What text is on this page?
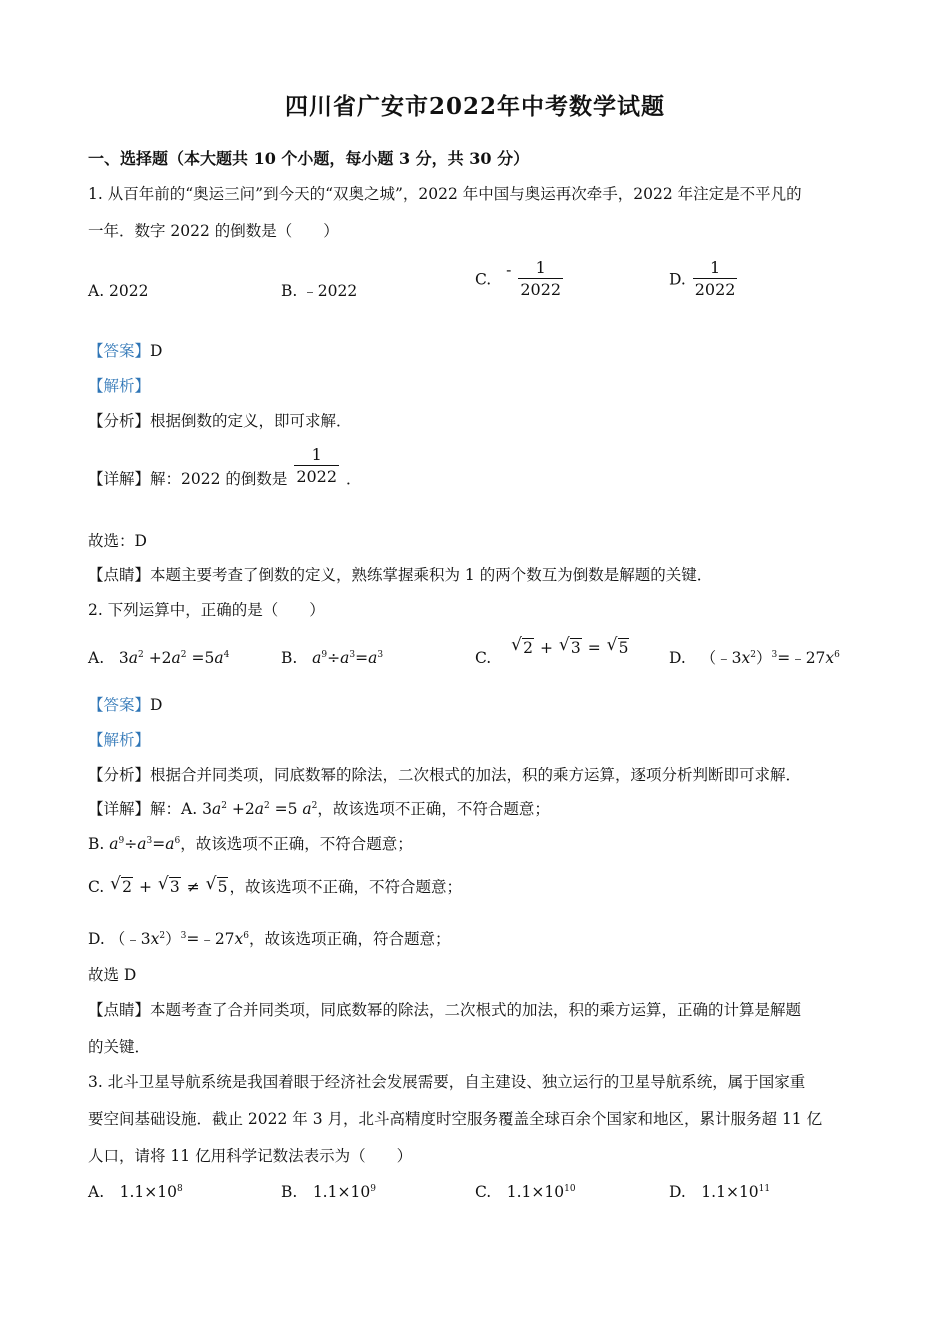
四川省广安市2022年中考数学试题
一、选择题（本大题共 10 个小题，每小题 3 分，共 30 分）
1. 从百年前的“奥运三问”到今天的“双奥之城”，2022 年中国与奥运再次牵手，2022 年注定是不平凡的
一年．数字 2022 的倒数是（　　）
A. 2022	B. ﹣2022
C. - $\frac{1}{2022}$	D. $\frac{1}{2022}$
【答案】D
【解析】
【分析】根据倒数的定义，即可求解．
【详解】解：2022 的倒数是 $\frac{1}{2022}$ ．
故选：D
【点睛】本题主要考查了倒数的定义，熟练掌握乘积为 1 的两个数互为倒数是解题的关键．
2. 下列运算中，正确的是（　　）
A.   $3a^2 +2a^2 =5a^4$	B. $a^9\div a^3=a^3$	C.
√ 2 + √ 3 = √ 5
D.   $(﹣3x^2)^3=﹣27x^6$
【答案】D
【解析】
【分析】根据合并同类项，同底数幂的除法，二次根式的加法，积的乘方运算，逐项分析判断即可求解．
【详解】解：A. $3a^2 +2a^2 =5$ $a^2$，故该选项不正确，不符合题意；
B. $a^9\div a^3=a^6$，故该选项不正确，不符合题意；
C. √ 2 + √ 3 ≠ √ 5 ，故该选项不正确，不符合题意；
D. $(﹣3x^2)^3=﹣27x^6$，故该选项正确，符合题意；
故选 D
【点睛】本题考查了合并同类项，同底数幂的除法，二次根式的加法，积的乘方运算，正确的计算是解题
的关键．
3. 北斗卫星导航系统是我国着眼于经济社会发展需要，自主建设、独立运行的卫星导航系统，属于国家重
要空间基础设施．截止 2022 年 3 月，北斗高精度时空服务覆盖全球百余个国家和地区，累计服务超 11 亿
人口，请将 11 亿用科学记数法表示为（　　）
A.　$1.1\times 10^8$	B.　$1.1\times 10^9$	C.　$1.1\times 10^{10}$	D.　$1.1\times 10^{11}$
